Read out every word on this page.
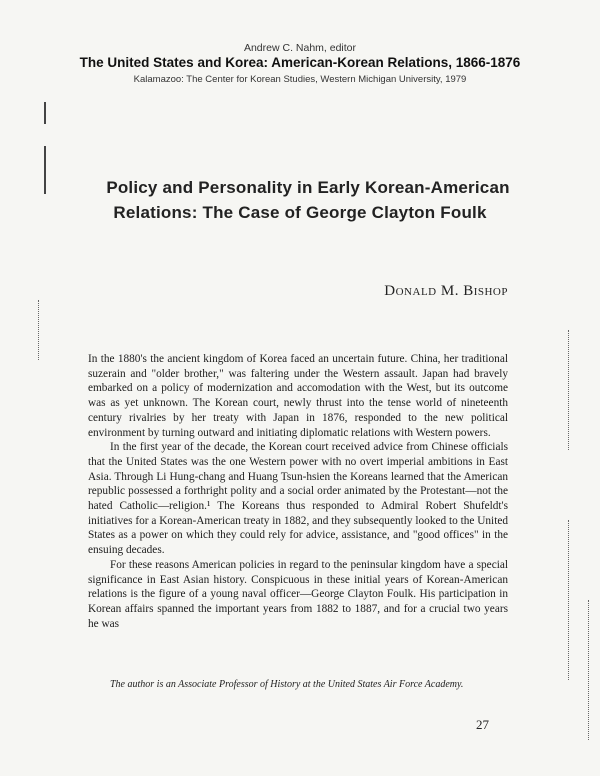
Andrew C. Nahm, editor
The United States and Korea: American-Korean Relations, 1866-1876
Kalamazoo: The Center for Korean Studies, Western Michigan University, 1979
Policy and Personality in Early Korean-American
Relations: The Case of George Clayton Foulk
Donald M. Bishop

In the 1880's the ancient kingdom of Korea faced an uncertain future. China, her traditional suzerain and "older brother," was faltering under the Western assault. Japan had bravely embarked on a policy of modernization and accomodation with the West, but its outcome was as yet unknown. The Korean court, newly thrust into the tense world of nineteenth century rivalries by her treaty with Japan in 1876, responded to the new political environment by turning outward and initiating diplomatic relations with Western powers.

In the first year of the decade, the Korean court received advice from Chinese officials that the United States was the one Western power with no overt imperial ambitions in East Asia. Through Li Hung-chang and Huang Tsun-hsien the Koreans learned that the American republic possessed a forthright polity and a social order animated by the Protestant—not the hated Catholic—religion.¹ The Koreans thus responded to Admiral Robert Shufeldt's initiatives for a Korean-American treaty in 1882, and they subsequently looked to the United States as a power on which they could rely for advice, assistance, and "good offices" in the ensuing decades.

For these reasons American policies in regard to the peninsular kingdom have a special significance in East Asian history. Conspicuous in these initial years of Korean-American relations is the figure of a young naval officer—George Clayton Foulk. His participation in Korean affairs spanned the important years from 1882 to 1887, and for a crucial two years he was

The author is an Associate Professor of History at the United States Air Force Academy.
27
